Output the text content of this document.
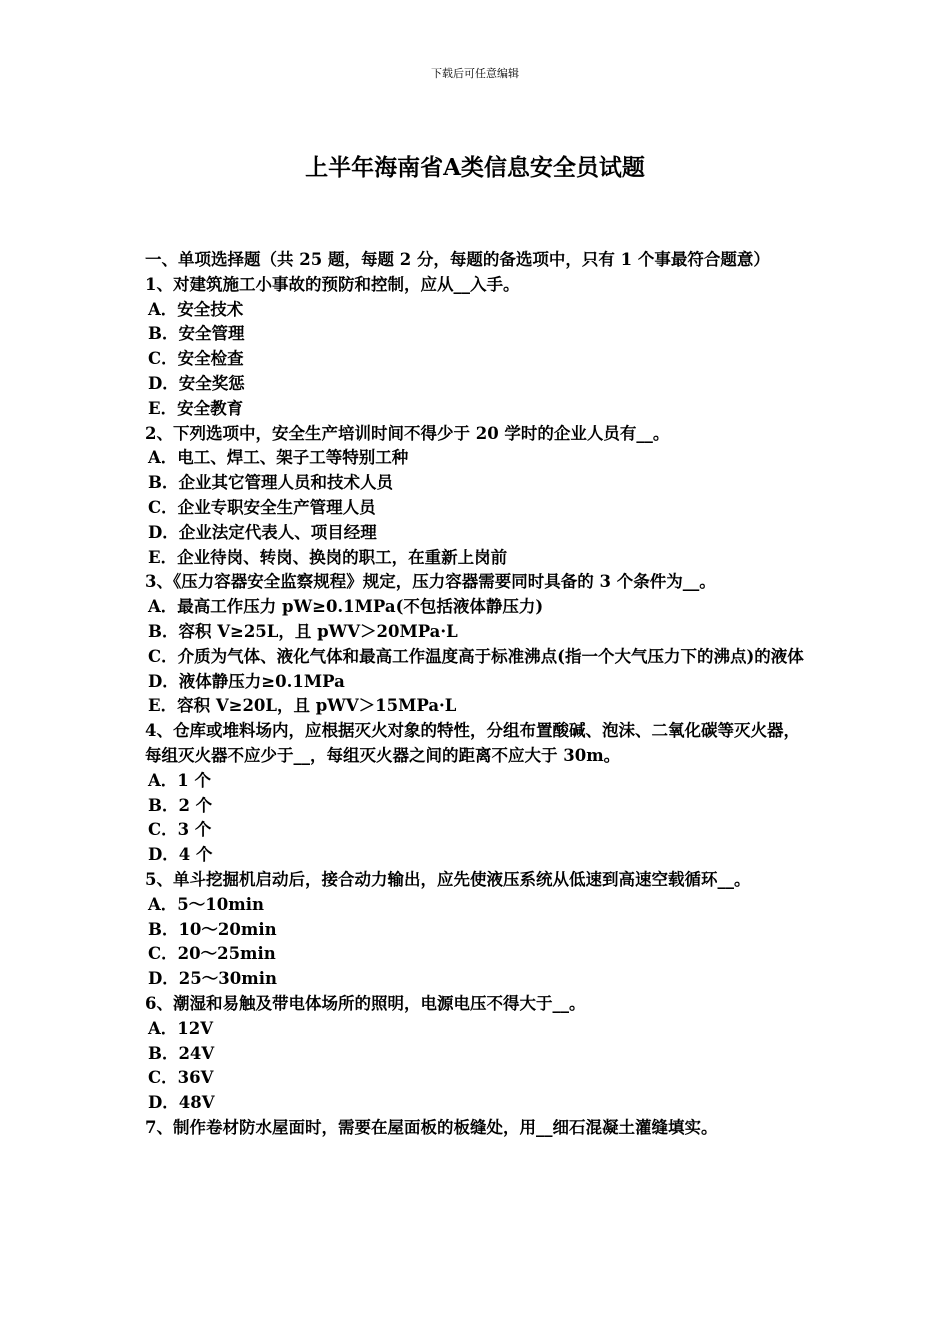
下载后可任意编辑
上半年海南省A类信息安全员试题

一、单项选择题（共 25 题，每题 2 分，每题的备选项中，只有 1 个事最符合题意）

1、对建筑施工小事故的预防和控制，应从__入手。

A．安全技术

B．安全管理

C．安全检查

D．安全奖惩

E．安全教育

2、下列选项中，安全生产培训时间不得少于 20 学时的企业人员有__。

A．电工、焊工、架子工等特别工种

B．企业其它管理人员和技术人员

C．企业专职安全生产管理人员

D．企业法定代表人、项目经理

E．企业待岗、转岗、换岗的职工，在重新上岗前

3、《压力容器安全监察规程》规定，压力容器需要同时具备的 3 个条件为__。

A．最高工作压力 pW≥0.1MPa(不包括液体静压力)

B．容积 V≥25L，且 pWV＞20MPa·L

C．介质为气体、液化气体和最高工作温度高于标准沸点(指一个大气压力下的沸点)的液体

D．液体静压力≥0.1MPa

E．容积 V≥20L，且 pWV＞15MPa·L

4、仓库或堆料场内，应根据灭火对象的特性，分组布置酸碱、泡沫、二氧化碳等灭火器，每组灭火器不应少于__，每组灭火器之间的距离不应大于 30m。

A．1 个

B．2 个

C．3 个

D．4 个

5、单斗挖掘机启动后，接合动力输出，应先使液压系统从低速到高速空载循环__。

A．5～10min

B．10～20min

C．20～25min

D．25～30min

6、潮湿和易触及带电体场所的照明，电源电压不得大于__。

A．12V

B．24V

C．36V

D．48V

7、制作卷材防水屋面时，需要在屋面板的板缝处，用__细石混凝土灌缝填实。
